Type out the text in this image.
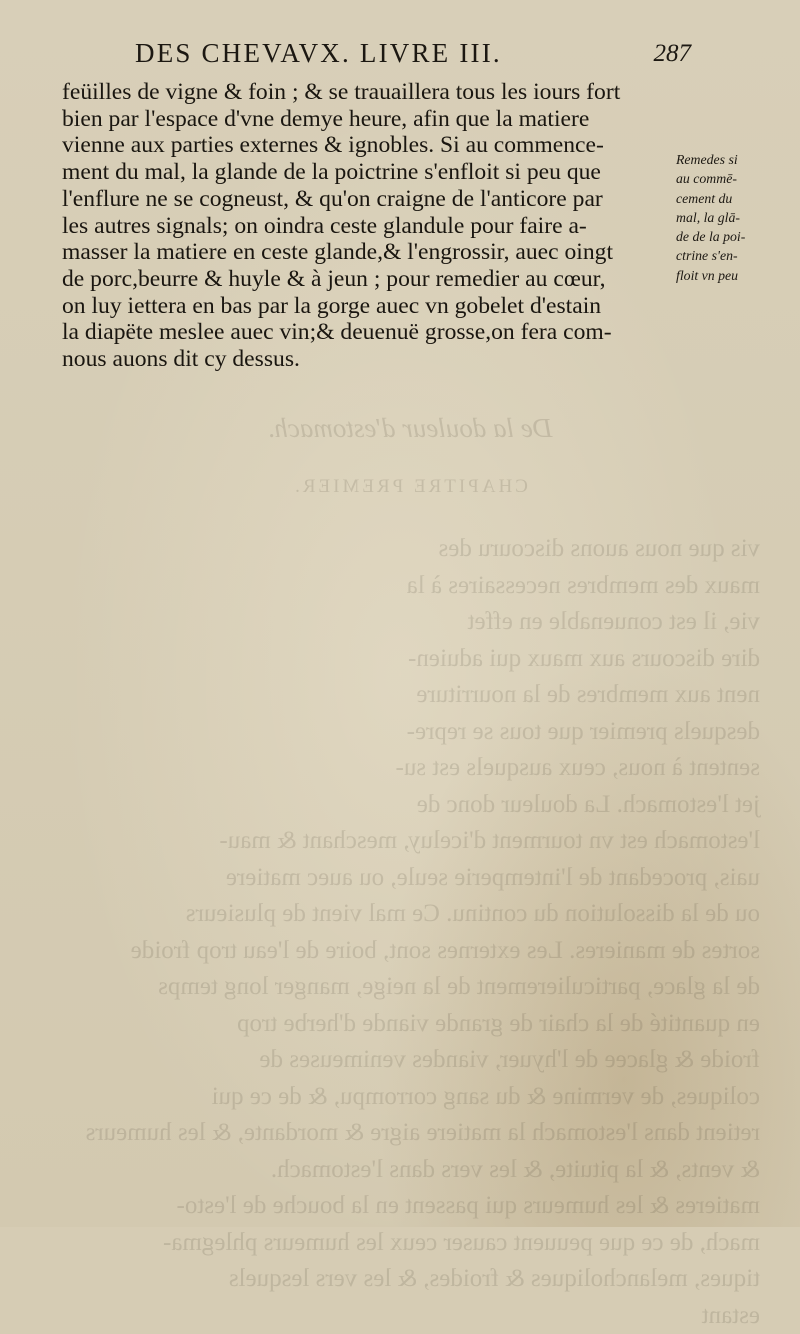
De la douleur d'estomach.

CHAPITRE PREMIER.

vis que nous auons discouru des

maux des membres necessaires à la

vie, il est conuenable en effet

dire discours aux maux qui aduien-

nent aux membres de la nourriture

desquels premier que tous se repre-

sentent à nous, ceux ausquels est su-

jet l'estomach. La douleur donc de

l'estomach est vn tourment d'iceluy, meschant & mau-

uais, procedant de l'intemperie seule, ou auec matiere

ou de la dissolution du continu. Ce mal vient de plusieurs

sortes de manieres. Les externes sont, boire de l'eau trop froide

de la glace, particulierement de la neige, manger long temps

en quantité de la chair de grande viande d'herbe trop

froide & glacee de l'hyuer, viandes venimeuses de

coliques, de vermine & du sang corrompu, & de ce qui

retient dans l'estomach la matiere aigre & mordante, & les humeurs

& vents, & la pituite, & les vers dans l'estomach.

matieres & les humeurs qui passent en la bouche de l'esto-

mach, de ce que peuuent causer ceux les humeurs phlegma-

tiques, melancholiques & froides, & les vers lesquels

estant

DES CHEVAVX. LIVRE III.	287

feüilles de vigne & foin ; & se trauaillera tous les iours fort

bien par l'espace d'vne demye heure, afin que la matiere

vienne aux parties externes & ignobles. Si au commence-

ment du mal, la glande de la poictrine s'enfloit si peu que

l'enflure ne se cogneust, & qu'on craigne de l'anticore par

les autres signals; on oindra ceste glandule pour faire a-

masser la matiere en ceste glande,& l'engrossir, auec oingt

de porc,beurre & huyle & à jeun ; pour remedier au cœur,

on luy iettera en bas par la gorge auec vn gobelet d'estain

la diapëte meslee auec vin;& deuenuë grosse,on fera com-

nous auons dit cy dessus.

Remedes si

au commē-

cement du

mal, la glā-

de de la poi-

ctrine s'en-

floit vn peu
